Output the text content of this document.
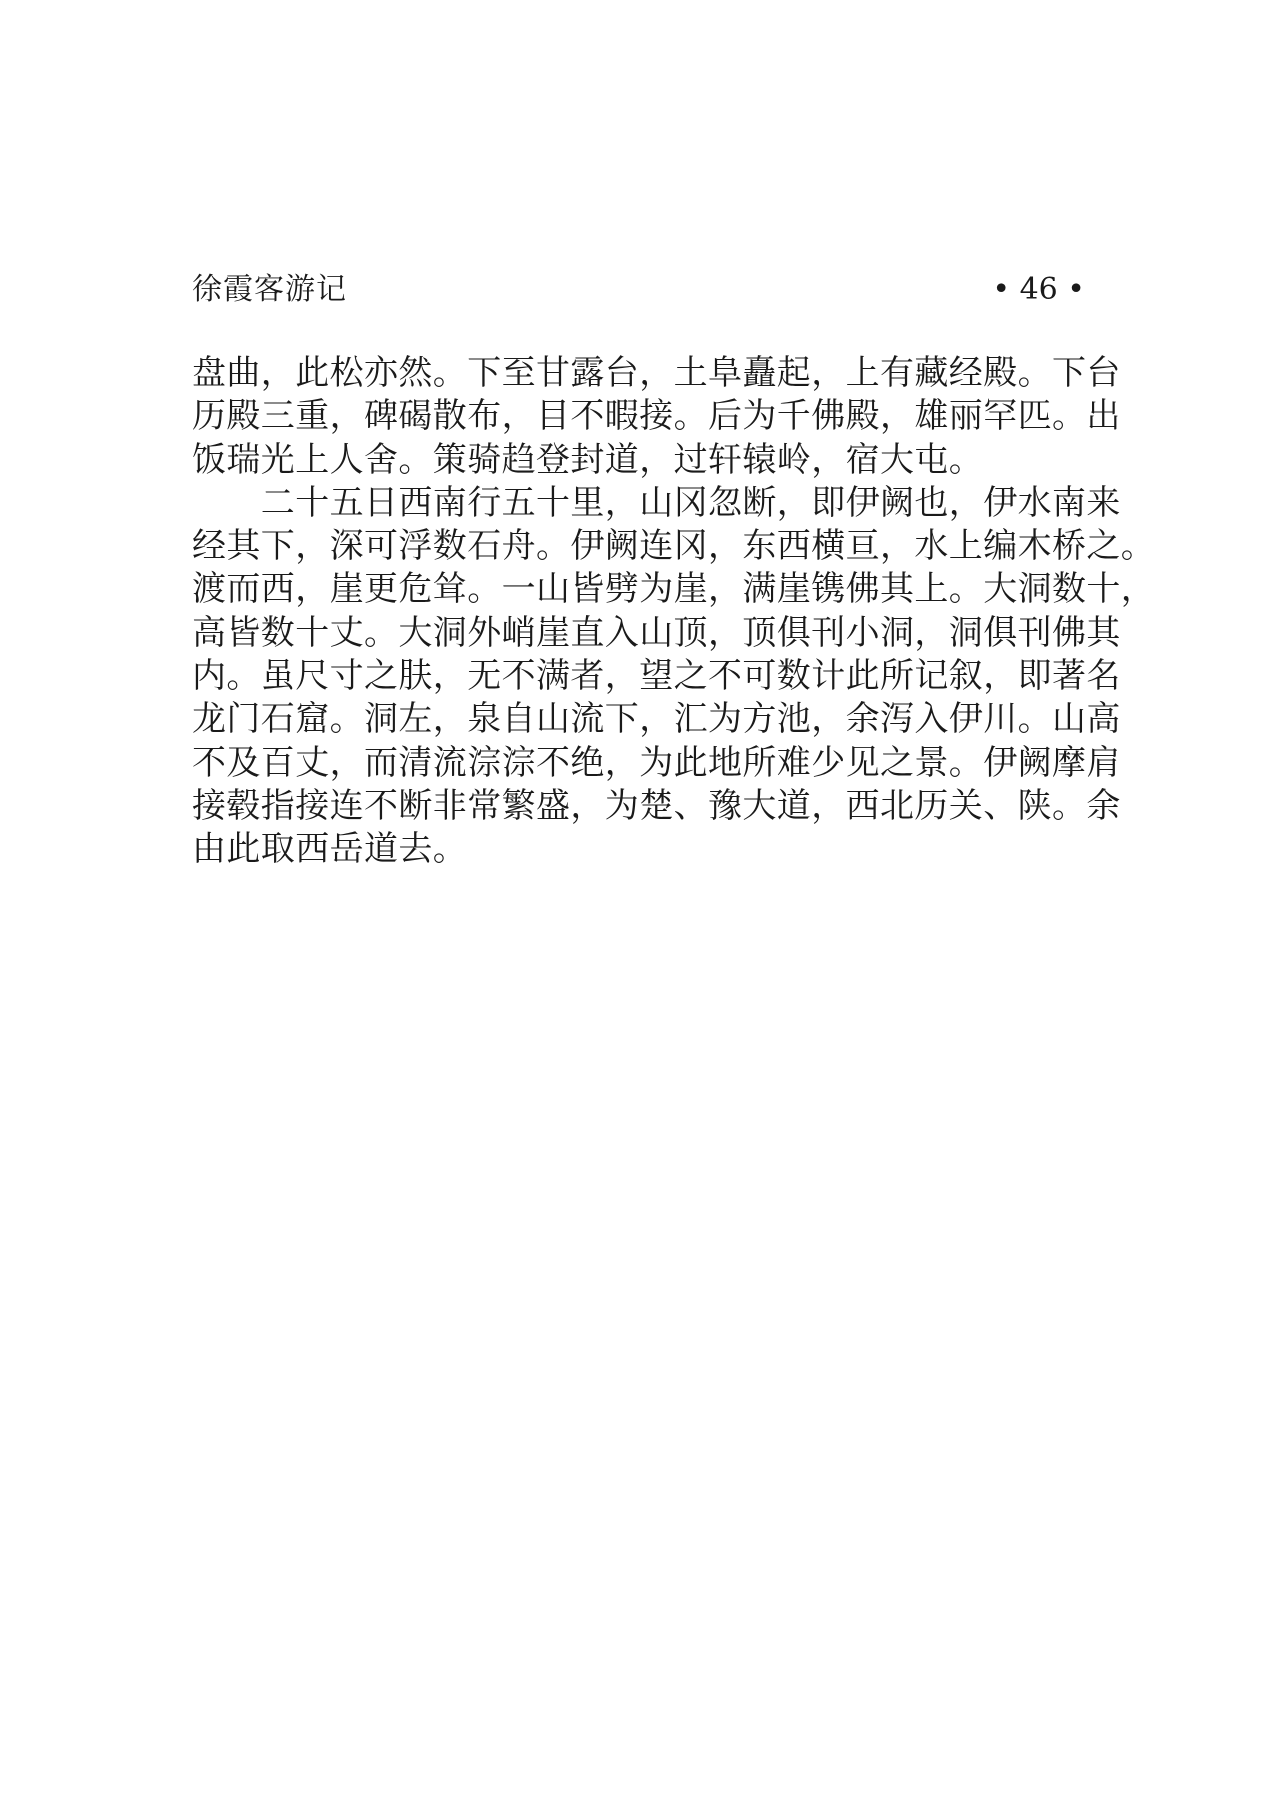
徐霞客游记	• 46 •
盘曲，此松亦然。下至甘露台，土阜矗起，上有藏经殿。下台
历殿三重，碑碣散布，目不暇接。后为千佛殿，雄丽罕匹。出
饭瑞光上人舍。策骑趋登封道，过轩辕岭，宿大屯。
　　二十五日西南行五十里，山冈忽断，即伊阙也，伊水南来
经其下，深可浮数石舟。伊阙连冈，东西横亘，水上编木桥之。
渡而西，崖更危耸。一山皆劈为崖，满崖镌佛其上。大洞数十，
高皆数十丈。大洞外峭崖直入山顶，顶俱刊小洞，洞俱刊佛其
内。虽尺寸之肤，无不满者，望之不可数计此所记叙，即著名
龙门石窟。洞左，泉自山流下，汇为方池，余泻入伊川。山高
不及百丈，而清流淙淙不绝，为此地所难少见之景。伊阙摩肩
接毂指接连不断非常繁盛，为楚、豫大道，西北历关、陕。余
由此取西岳道去。
